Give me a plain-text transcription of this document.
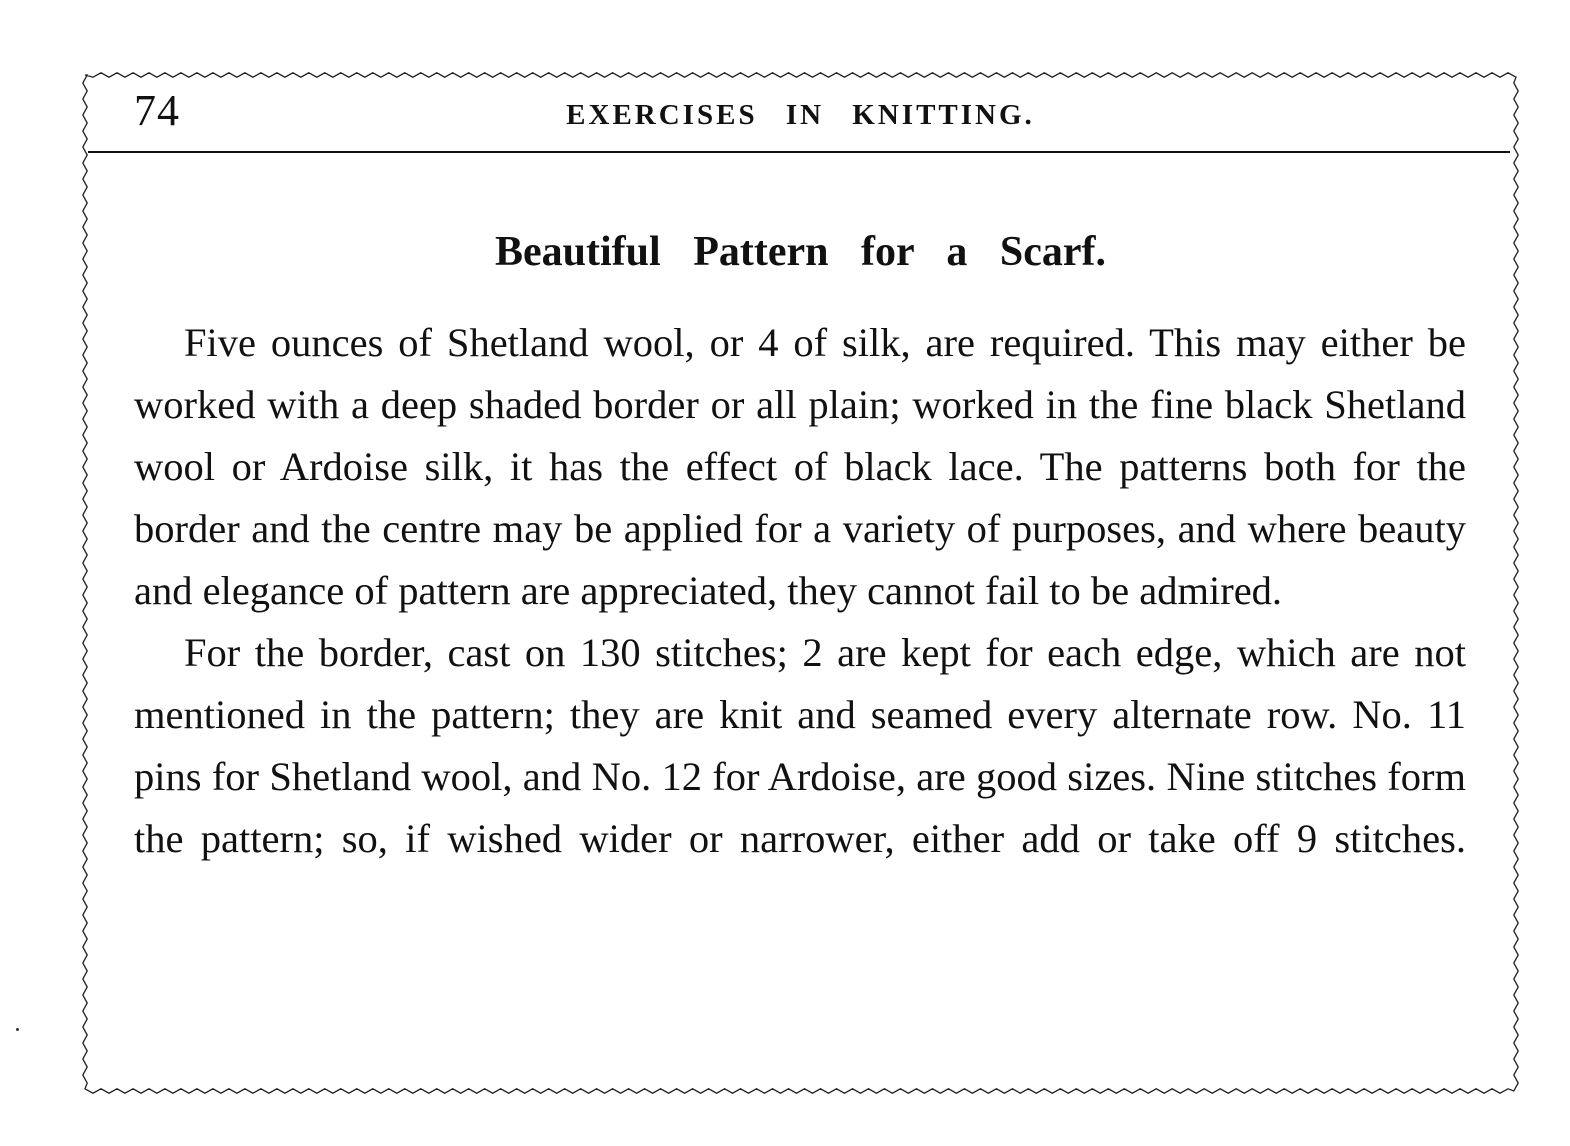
74	EXERCISES IN KNITTING.
Beautiful Pattern for a Scarf.

Five ounces of Shetland wool, or 4 of silk, are required. This may either be worked with a deep shaded border or all plain; worked in the fine black Shetland wool or Ardoise silk, it has the effect of black lace. The patterns both for the border and the centre may be applied for a variety of purposes, and where beauty and elegance of pattern are appreciated, they cannot fail to be admired.

For the border, cast on 130 stitches; 2 are kept for each edge, which are not mentioned in the pattern; they are knit and seamed every alternate row. No. 11 pins for Shetland wool, and No. 12 for Ardoise, are good sizes. Nine stitches form the pattern; so, if wished wider or narrower, either add or take off 9 stitches.
